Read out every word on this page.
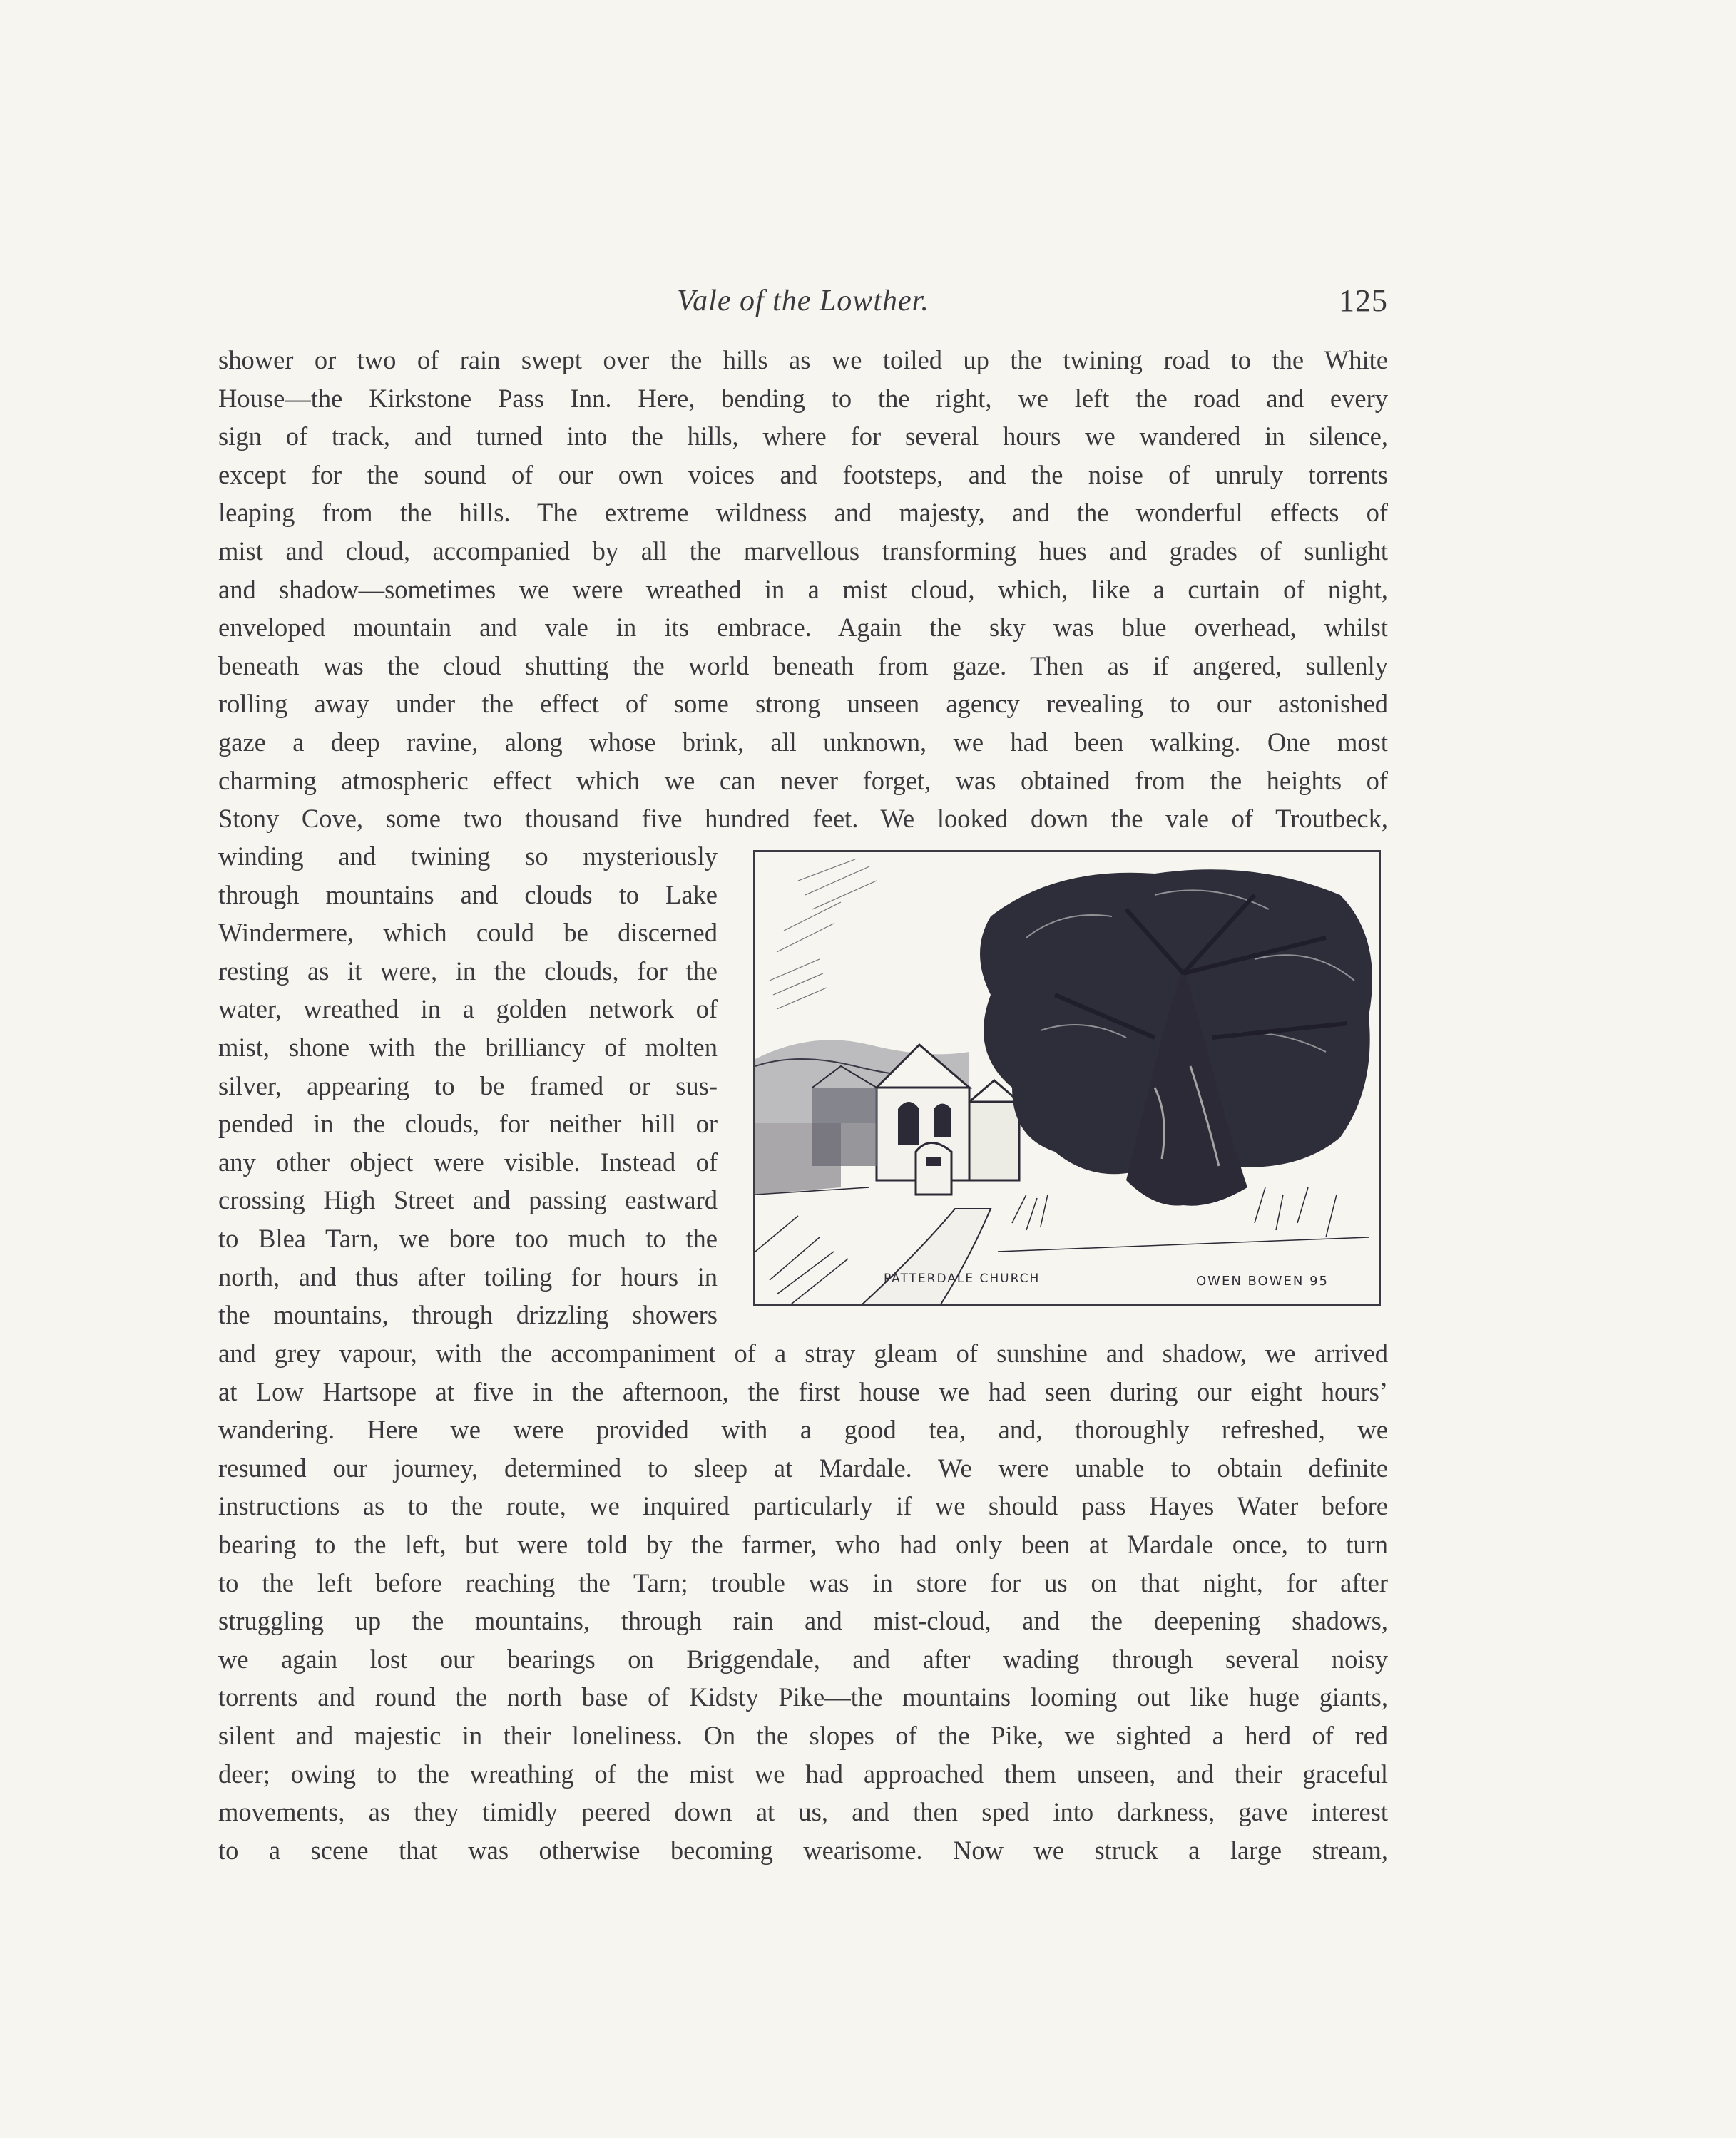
Vale of the Lowther.	125
shower or two of rain swept over the hills as we toiled up the twining road to the White
House—the Kirkstone Pass Inn. Here, bending to the right, we left the road and every
sign of track, and turned into the hills, where for several hours we wandered in silence,
except for the sound of our own voices and footsteps, and the noise of unruly torrents
leaping from the hills. The extreme wildness and majesty, and the wonderful effects of
mist and cloud, accompanied by all the marvellous transforming hues and grades of sunlight
and shadow—sometimes we were wreathed in a mist cloud, which, like a curtain of night,
enveloped mountain and vale in its embrace. Again the sky was blue overhead, whilst
beneath was the cloud shutting the world beneath from gaze. Then as if angered, sullenly
rolling away under the effect of some strong unseen agency revealing to our astonished
gaze a deep ravine, along whose brink, all unknown, we had been walking. One most
charming atmospheric effect which we can never forget, was obtained from the heights of
Stony Cove, some two thousand five hundred feet. We looked down the vale of Troutbeck,
winding and twining so mysteriously
through mountains and clouds to Lake
Windermere, which could be discerned
resting as it were, in the clouds, for the
water, wreathed in a golden network of
mist, shone with the brilliancy of molten
silver, appearing to be framed or sus-
pended in the clouds, for neither hill or
any other object were visible. Instead of
crossing High Street and passing eastward
to Blea Tarn, we bore too much to the
north, and thus after toiling for hours in
the mountains, through drizzling showers
PATTERDALE CHURCH	OWEN BOWEN 95
and grey vapour, with the accompaniment of a stray gleam of sunshine and shadow, we arrived
at Low Hartsope at five in the afternoon, the first house we had seen during our eight hours’
wandering. Here we were provided with a good tea, and, thoroughly refreshed, we
resumed our journey, determined to sleep at Mardale. We were unable to obtain definite
instructions as to the route, we inquired particularly if we should pass Hayes Water before
bearing to the left, but were told by the farmer, who had only been at Mardale once, to turn
to the left before reaching the Tarn; trouble was in store for us on that night, for after
struggling up the mountains, through rain and mist-cloud, and the deepening shadows,
we again lost our bearings on Briggendale, and after wading through several noisy
torrents and round the north base of Kidsty Pike—the mountains looming out like huge giants,
silent and majestic in their loneliness. On the slopes of the Pike, we sighted a herd of red
deer; owing to the wreathing of the mist we had approached them unseen, and their graceful
movements, as they timidly peered down at us, and then sped into darkness, gave interest
to a scene that was otherwise becoming wearisome. Now we struck a large stream,
